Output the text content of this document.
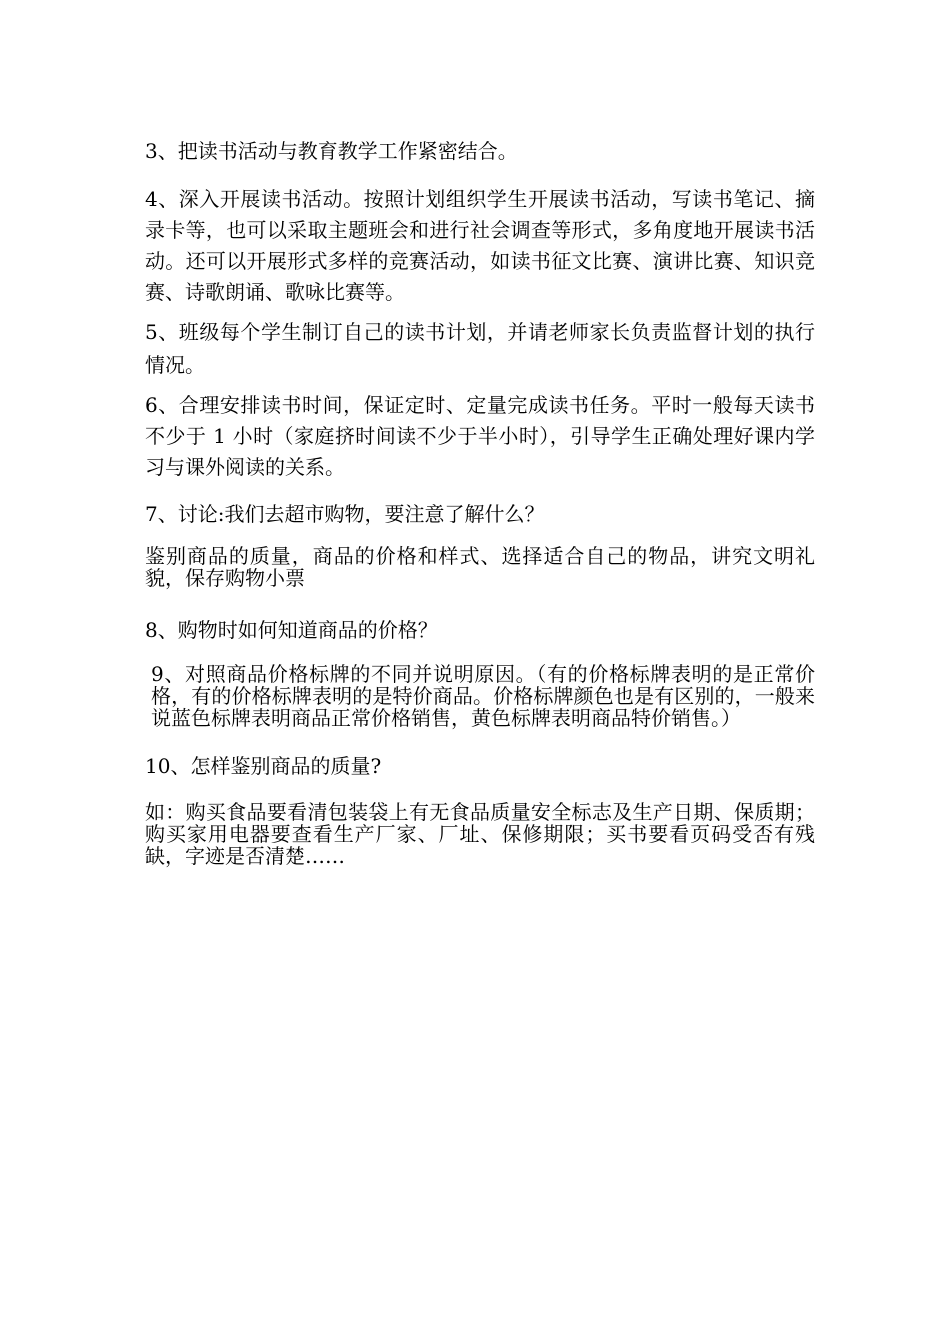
3、把读书活动与教育教学工作紧密结合。

4、深入开展读书活动。按照计划组织学生开展读书活动，写读书笔记、摘录卡等，也可以采取主题班会和进行社会调查等形式，多角度地开展读书活动。还可以开展形式多样的竞赛活动，如读书征文比赛、演讲比赛、知识竞赛、诗歌朗诵、歌咏比赛等。

5、班级每个学生制订自己的读书计划，并请老师家长负责监督计划的执行情况。

6、合理安排读书时间，保证定时、定量完成读书任务。平时一般每天读书不少于 1 小时（家庭挤时间读不少于半小时），引导学生正确处理好课内学习与课外阅读的关系。

7、讨论:我们去超市购物，要注意了解什么？

鉴别商品的质量，商品的价格和样式、选择适合自己的物品，讲究文明礼貌，保存购物小票

8、购物时如何知道商品的价格？

9、对照商品价格标牌的不同并说明原因。（有的价格标牌表明的是正常价格，有的价格标牌表明的是特价商品。价格标牌颜色也是有区别的，一般来说蓝色标牌表明商品正常价格销售，黄色标牌表明商品特价销售。）

10、怎样鉴别商品的质量?

如：购买食品要看清包装袋上有无食品质量安全标志及生产日期、保质期；购买家用电器要查看生产厂家、厂址、保修期限；买书要看页码受否有残缺，字迹是否清楚……
